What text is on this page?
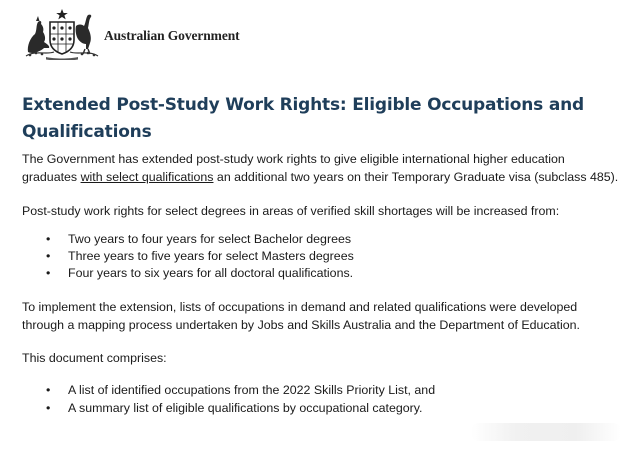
Australian Government
Extended Post-Study Work Rights: Eligible Occupations and Qualifications

The Government has extended post-study work rights to give eligible international higher education graduates with select qualifications an additional two years on their Temporary Graduate visa (subclass 485).

Post-study work rights for select degrees in areas of verified skill shortages will be increased from:

• Two years to four years for select Bachelor degrees
• Three years to five years for select Masters degrees
• Four years to six years for all doctoral qualifications.

To implement the extension, lists of occupations in demand and related qualifications were developed through a mapping process undertaken by Jobs and Skills Australia and the Department of Education.

This document comprises:

• A list of identified occupations from the 2022 Skills Priority List, and
• A summary list of eligible qualifications by occupational category.
